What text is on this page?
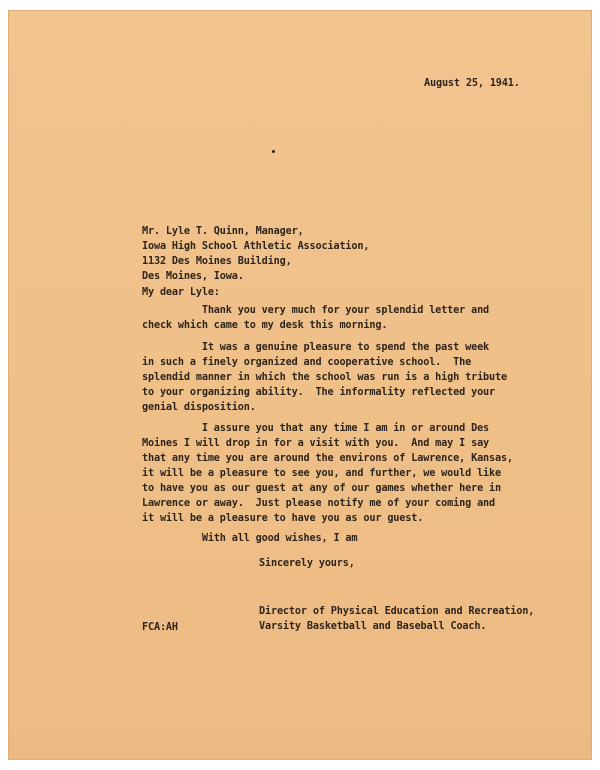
August 25, 1941.
Mr. Lyle T. Quinn, Manager,
Iowa High School Athletic Association,
1132 Des Moines Building,
Des Moines, Iowa.
My dear Lyle:
Thank you very much for your splendid letter and
check which came to my desk this morning.
It was a genuine pleasure to spend the past week
in such a finely organized and cooperative school.  The
splendid manner in which the school was run is a high tribute
to your organizing ability.  The informality reflected your
genial disposition.
I assure you that any time I am in or around Des
Moines I will drop in for a visit with you.  And may I say
that any time you are around the environs of Lawrence, Kansas,
it will be a pleasure to see you, and further, we would like
to have you as our guest at any of our games whether here in
Lawrence or away.  Just please notify me of your coming and
it will be a pleasure to have you as our guest.
With all good wishes, I am
Sincerely yours,
FCA:AH
Director of Physical Education and Recreation,
Varsity Basketball and Baseball Coach.
